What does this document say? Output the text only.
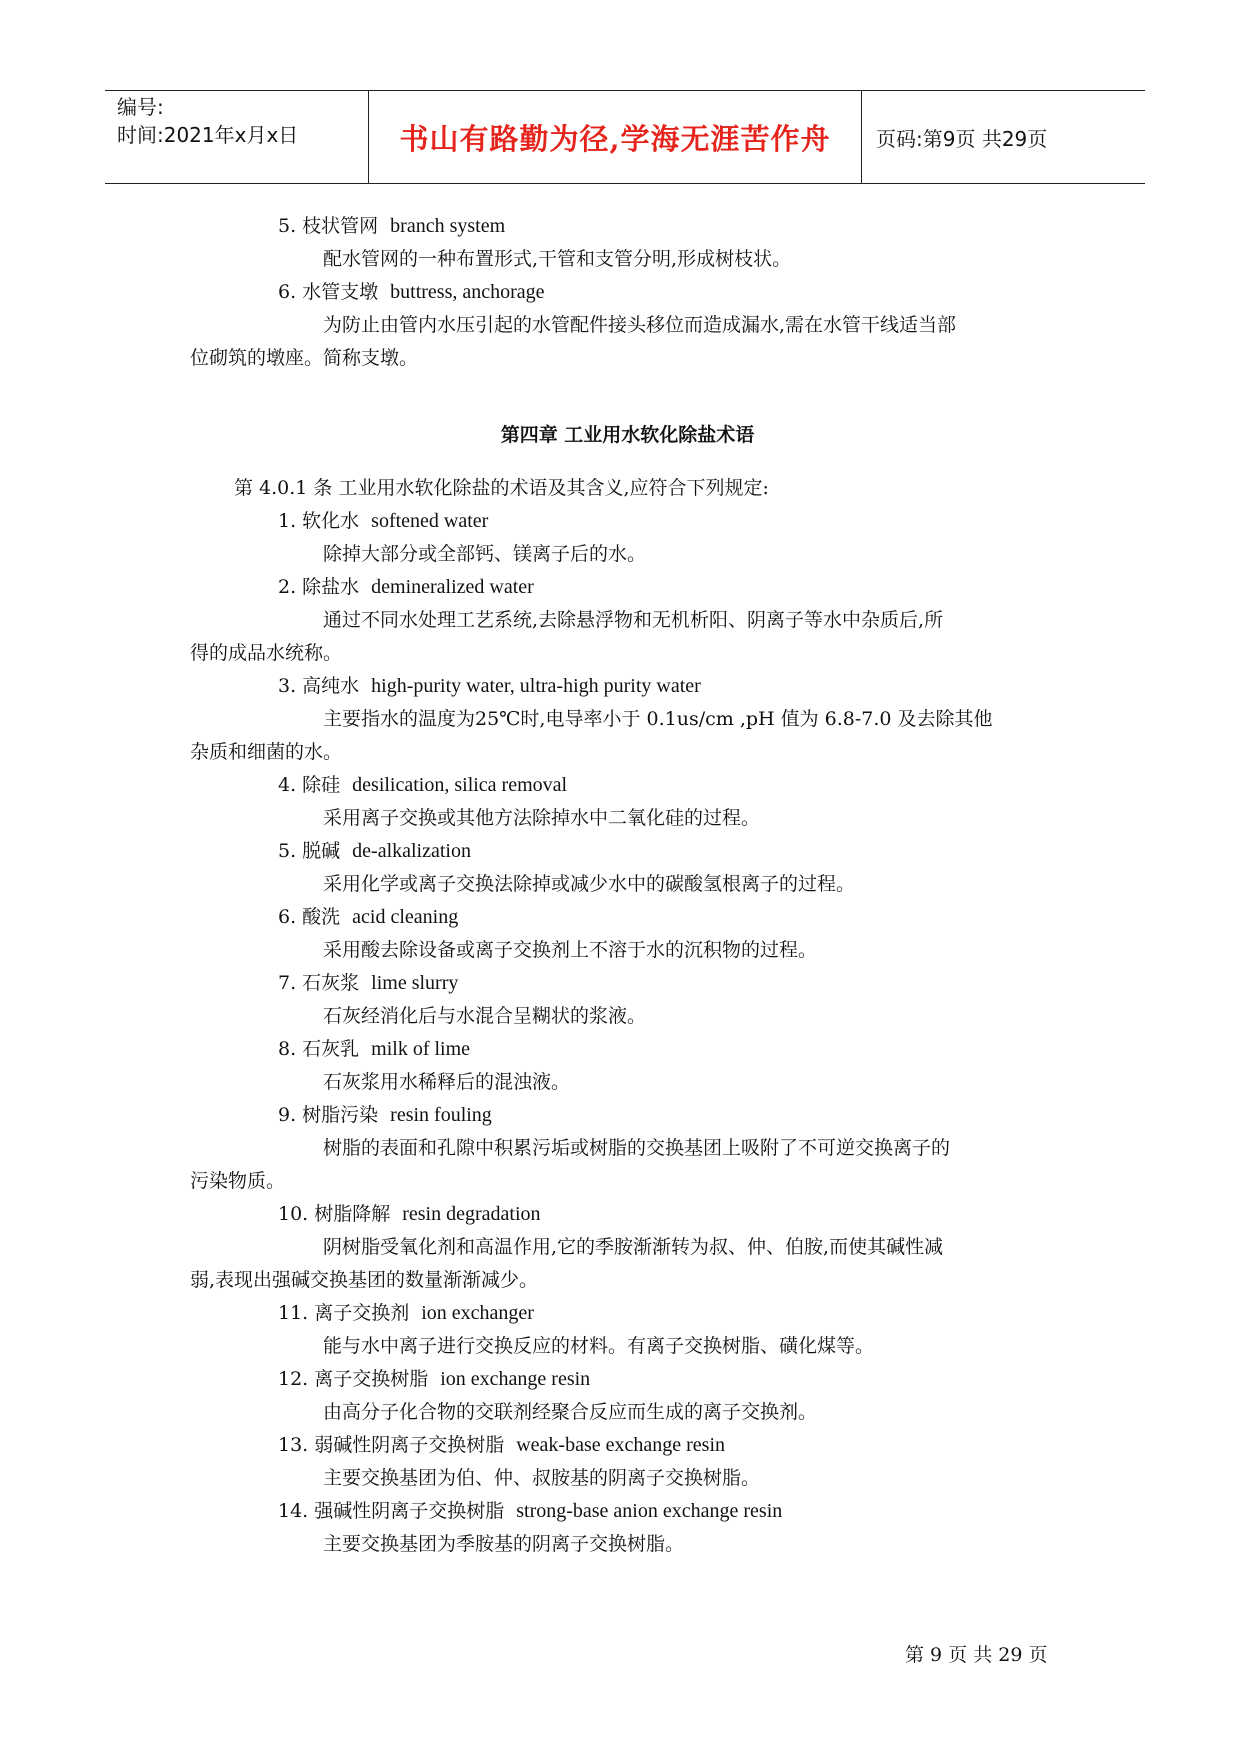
编号:
时间:2021年x月x日	书山有路勤为径,学海无涯苦作舟	页码:第9页 共29页
5. 枝状管网 branch system
配水管网的一种布置形式,干管和支管分明,形成树枝状。
6. 水管支墩 buttress, anchorage
为防止由管内水压引起的水管配件接头移位而造成漏水,需在水管干线适当部
位砌筑的墩座。简称支墩。
第四章 工业用水软化除盐术语
第 4.0.1 条 工业用水软化除盐的术语及其含义,应符合下列规定:
1. 软化水 softened water
除掉大部分或全部钙、镁离子后的水。
2. 除盐水 demineralized water
通过不同水处理工艺系统,去除悬浮物和无机析阳、阴离子等水中杂质后,所
得的成品水统称。
3. 高纯水 high-purity water, ultra-high purity water
主要指水的温度为25℃时,电导率小于 0.1us/cm ,pH 值为 6.8-7.0 及去除其他
杂质和细菌的水。
4. 除硅 desilication, silica removal
采用离子交换或其他方法除掉水中二氧化硅的过程。
5. 脱碱 de-alkalization
采用化学或离子交换法除掉或减少水中的碳酸氢根离子的过程。
6. 酸洗 acid cleaning
采用酸去除设备或离子交换剂上不溶于水的沉积物的过程。
7. 石灰浆 lime slurry
石灰经消化后与水混合呈糊状的浆液。
8. 石灰乳 milk of lime
石灰浆用水稀释后的混浊液。
9. 树脂污染 resin fouling
树脂的表面和孔隙中积累污垢或树脂的交换基团上吸附了不可逆交换离子的
污染物质。
10. 树脂降解 resin degradation
阴树脂受氧化剂和高温作用,它的季胺渐渐转为叔、仲、伯胺,而使其碱性减
弱,表现出强碱交换基团的数量渐渐减少。
11. 离子交换剂 ion exchanger
能与水中离子进行交换反应的材料。有离子交换树脂、磺化煤等。
12. 离子交换树脂 ion exchange resin
由高分子化合物的交联剂经聚合反应而生成的离子交换剂。
13. 弱碱性阴离子交换树脂 weak-base exchange resin
主要交换基团为伯、仲、叔胺基的阴离子交换树脂。
14. 强碱性阴离子交换树脂 strong-base anion exchange resin
主要交换基团为季胺基的阴离子交换树脂。
第 9 页 共 29 页
